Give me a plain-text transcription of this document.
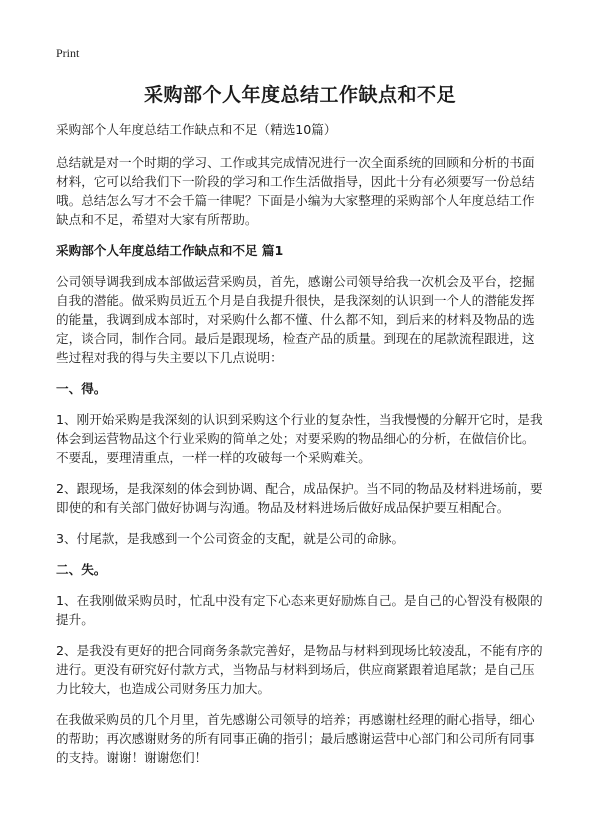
Print
采购部个人年度总结工作缺点和不足

采购部个人年度总结工作缺点和不足（精选10篇）

总结就是对一个时期的学习、工作或其完成情况进行一次全面系统的回顾和分析的书面材料，它可以给我们下一阶段的学习和工作生活做指导，因此十分有必须要写一份总结哦。总结怎么写才不会千篇一律呢？下面是小编为大家整理的采购部个人年度总结工作缺点和不足，希望对大家有所帮助。

采购部个人年度总结工作缺点和不足 篇1

公司领导调我到成本部做运营采购员，首先，感谢公司领导给我一次机会及平台，挖掘自我的潜能。做采购员近五个月是自我提升很快，是我深刻的认识到一个人的潜能发挥的能量，我调到成本部时，对采购什么都不懂、什么都不知，到后来的材料及物品的选定，谈合同，制作合同。最后是跟现场，检查产品的质量。到现在的尾款流程跟进，这些过程对我的得与失主要以下几点说明：

一、得。

1、刚开始采购是我深刻的认识到采购这个行业的复杂性，当我慢慢的分解开它时，是我体会到运营物品这个行业采购的简单之处；对要采购的物品细心的分析，在做信价比。不要乱，要理清重点，一样一样的攻破每一个采购难关。

2、跟现场，是我深刻的体会到协调、配合，成品保护。当不同的物品及材料进场前，要即使的和有关部门做好协调与沟通。物品及材料进场后做好成品保护要互相配合。

3、付尾款，是我感到一个公司资金的支配，就是公司的命脉。

二、失。

1、在我刚做采购员时，忙乱中没有定下心态来更好励炼自己。是自己的心智没有极限的提升。

2、是我没有更好的把合同商务条款完善好，是物品与材料到现场比较凌乱，不能有序的进行。更没有研究好付款方式，当物品与材料到场后，供应商紧跟着追尾款；是自己压力比较大，也造成公司财务压力加大。

在我做采购员的几个月里，首先感谢公司领导的培养；再感谢杜经理的耐心指导，细心的帮助；再次感谢财务的所有同事正确的指引；最后感谢运营中心部门和公司所有同事的支持。谢谢！谢谢您们！
